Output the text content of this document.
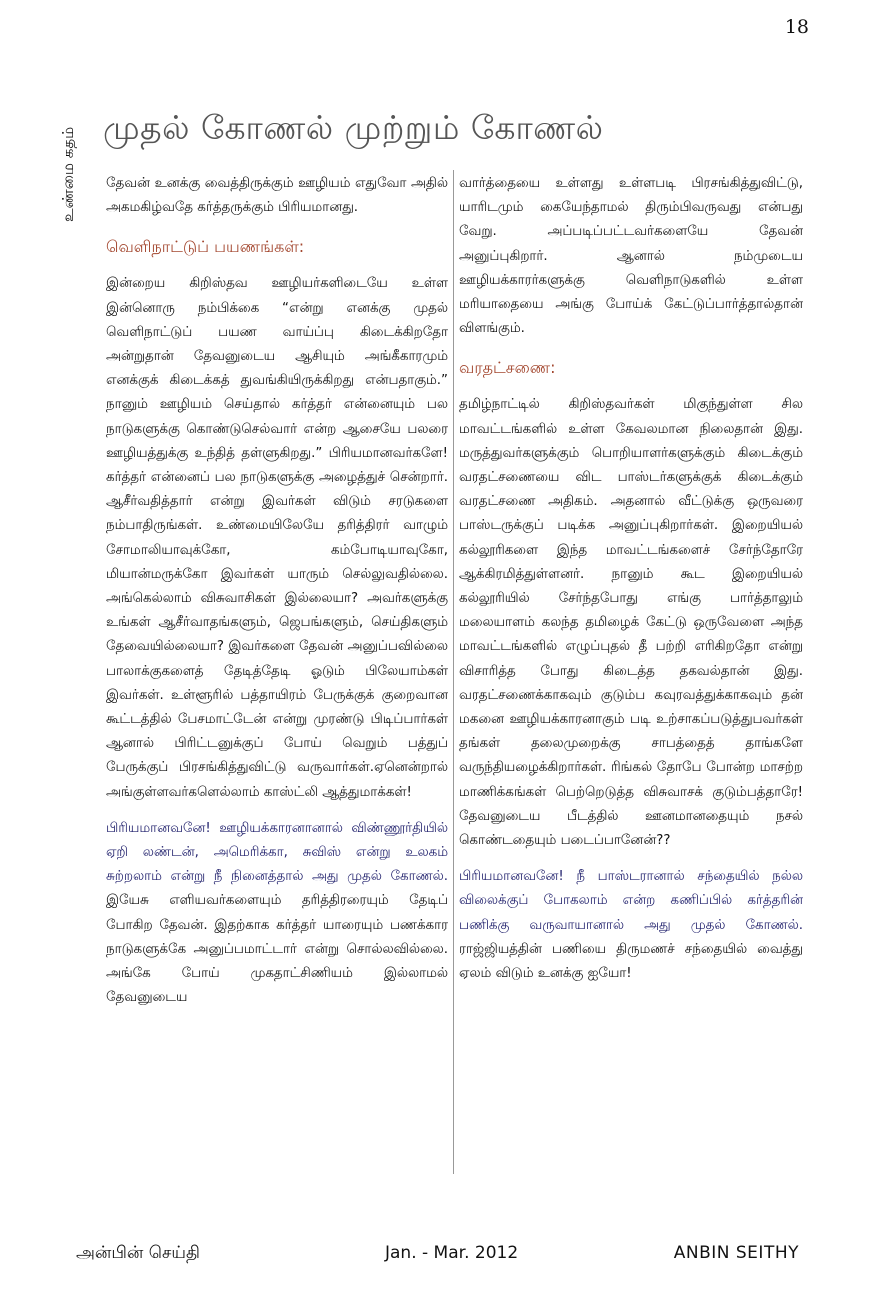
18
உண்மை கதம் முதல் கோணல் முற்றும் கோணல்

தேவன் உனக்கு வைத்திருக்கும் ஊழியம் எதுவோ அதில் அகமகிழ்வதே கர்த்தருக்கும் பிரியமானது.

வெளிநாட்டுப் பயணங்கள்:

இன்றைய கிறிஸ்தவ ஊழியர்களிடையே உள்ள இன்னொரு நம்பிக்கை “என்று எனக்கு முதல் வெளிநாட்டுப் பயண வாய்ப்பு கிடைக்கிறதோ அன்றுதான் தேவனுடைய ஆசியும் அங்கீகாரமும் எனக்குக் கிடைக்கத் துவங்கியிருக்கிறது என்பதாகும்.” நானும் ஊழியம் செய்தால் கர்த்தர் என்னையும் பல நாடுகளுக்கு கொண்டுசெல்வார் என்ற ஆசையே பலரை ஊழியத்துக்கு உந்தித் தள்ளுகிறது.” பிரியமானவர்களே! கர்த்தர் என்னைப் பல நாடுகளுக்கு அழைத்துச் சென்றார். ஆசீர்வதித்தார் என்று இவர்கள் விடும் சரடுகளை நம்பாதிருங்கள். உண்மையிலேயே தரித்திரர் வாழும் சோமாலியாவுக்கோ, கம்போடியாவுகோ, மியான்மருக்கோ இவர்கள் யாரும் செல்லுவதில்லை. அங்கெல்லாம் விசுவாசிகள் இல்லையா? அவர்களுக்கு உங்கள் ஆசீர்வாதங்களும், ஜெபங்களும், செய்திகளும் தேவையில்லையா? இவர்களை தேவன் அனுப்பவில்லை பாலாக்குகளைத் தேடித்தேடி ஓடும் பிலேயாம்கள் இவர்கள். உள்ளூரில் பத்தாயிரம் பேருக்குக் குறைவான கூட்டத்தில் பேசமாட்டேன் என்று முரண்டு பிடிப்பார்கள் ஆனால் பிரிட்டனுக்குப் போய் வெறும் பத்துப் பேருக்குப் பிரசங்கித்துவிட்டு வருவார்கள்.ஏனென்றால் அங்குள்ளவர்களெல்லாம் காஸ்ட்லி ஆத்துமாக்கள்!

பிரியமானவனே! ஊழியக்காரனானால் விண்ணூர்தியில் ஏறி லண்டன், அமெரிக்கா, சுவிஸ் என்று உலகம் சுற்றலாம் என்று நீ நினைத்தால் அது முதல் கோணல். இயேசு எளியவர்களையும் தரித்திரரையும் தேடிப் போகிற தேவன். இதற்காக கர்த்தர் யாரையும் பணக்கார நாடுகளுக்கே அனுப்பமாட்டார் என்று சொல்லவில்லை. அங்கே போய் முகதாட்சிணியம் இல்லாமல் தேவனுடைய

வார்த்தையை உள்ளது உள்ளபடி பிரசங்கித்துவிட்டு, யாரிடமும் கையேந்தாமல் திரும்பிவருவது என்பது வேறு. அப்படிப்பட்டவர்களையே தேவன் அனுப்புகிறார். ஆனால் நம்முடைய ஊழியக்காரர்களுக்கு வெளிநாடுகளில் உள்ள மரியாதையை அங்கு போய்க் கேட்டுப்பார்த்தால்தான் விளங்கும்.

வரதட்சணை:

தமிழ்நாட்டில் கிறிஸ்தவர்கள் மிகுந்துள்ள சில மாவட்டங்களில் உள்ள கேவலமான நிலைதான் இது. மருத்துவர்களுக்கும் பொறியாளர்களுக்கும் கிடைக்கும் வரதட்சணையை விட பாஸ்டர்களுக்குக் கிடைக்கும் வரதட்சணை அதிகம். அதனால் வீட்டுக்கு ஒருவரை பாஸ்டருக்குப் படிக்க அனுப்புகிறார்கள். இறையியல் கல்லூரிகளை இந்த மாவட்டங்களைச் சேர்ந்தோரே ஆக்கிரமித்துள்ளனர். நானும் கூட இறையியல் கல்லூரியில் சேர்ந்தபோது எங்கு பார்த்தாலும் மலையாளம் கலந்த தமிழைக் கேட்டு ஒருவேளை அந்த மாவட்டங்களில் எழுப்புதல் தீ பற்றி எரிகிறதோ என்று விசாரித்த போது கிடைத்த தகவல்தான் இது. வரதட்சணைக்காகவும் குடும்ப கவுரவத்துக்காகவும் தன் மகனை ஊழியக்காரனாகும் படி உற்சாகப்படுத்துபவர்கள் தங்கள் தலைமுறைக்கு சாபத்தைத் தாங்களே வருந்தியழைக்கிறார்கள். ரிங்கல் தோபே போன்ற மாசற்ற மாணிக்கங்கள் பெற்றெடுத்த விசுவாசக் குடும்பத்தாரே! தேவனுடைய பீடத்தில் ஊனமானதையும் நசல் கொண்டதையும் படைப்பானேன்??

பிரியமானவனே! நீ பாஸ்டரானால் சந்தையில் நல்ல விலைக்குப் போகலாம் என்ற கணிப்பில் கர்த்தரின் பணிக்கு வருவாயானால் அது முதல் கோணல். ராஜ்ஜியத்தின் பணியை திருமணச் சந்தையில் வைத்து ஏலம் விடும் உனக்கு ஐயோ!

அன்பின் செய்தி	Jan. - Mar. 2012	ANBIN SEITHY
